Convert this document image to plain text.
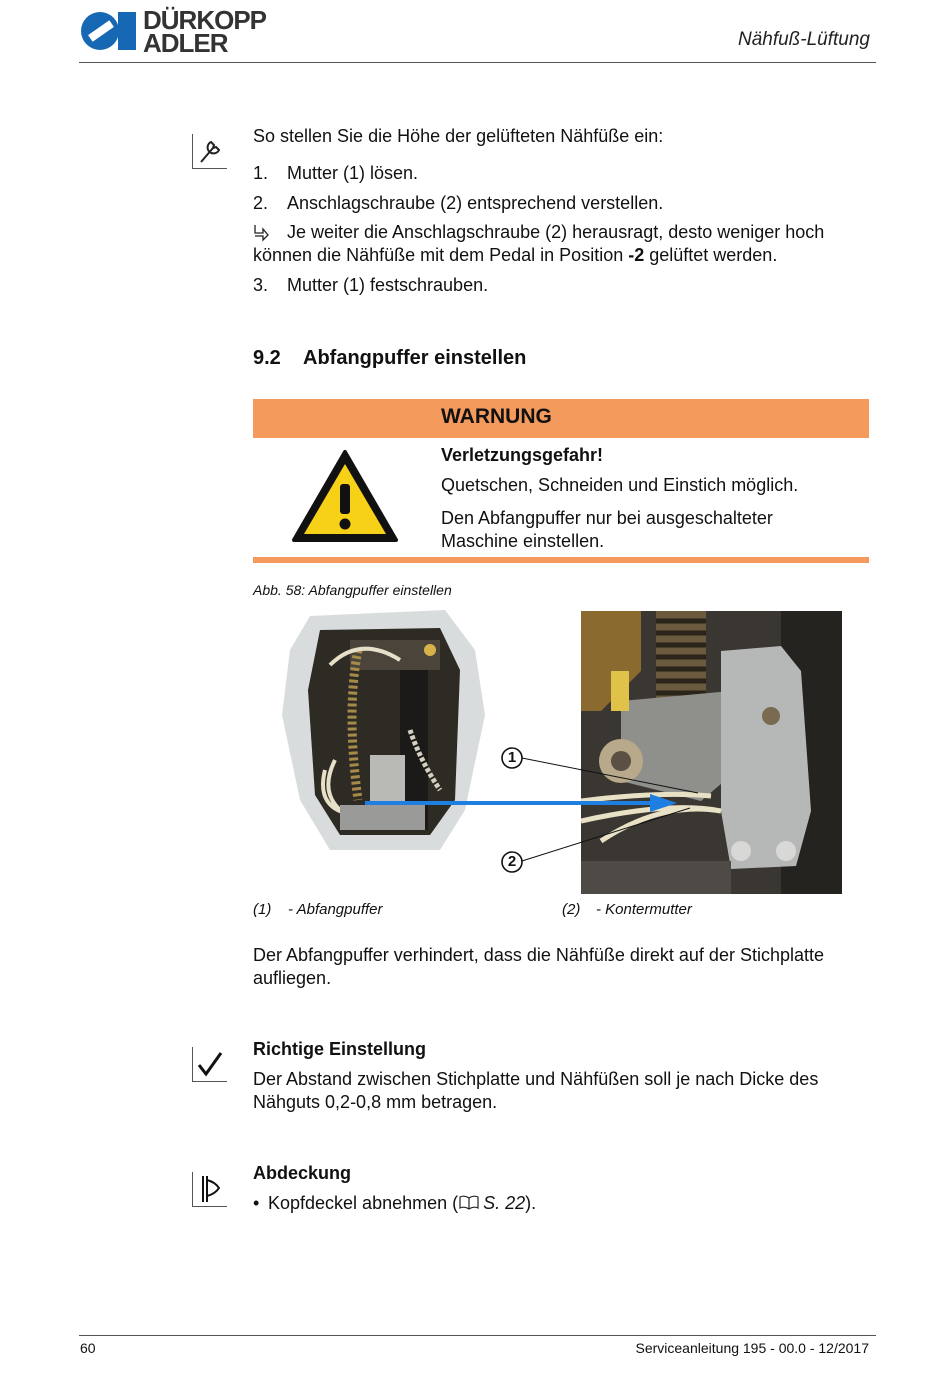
DÜRKOPP
ADLER	Nähfuß-Lüftung
So stellen Sie die Höhe der gelüfteten Nähfüße ein:
1. Mutter (1) lösen.
2. Anschlagschraube (2) entsprechend verstellen.
Je weiter die Anschlagschraube (2) herausragt, desto weniger hoch
können die Nähfüße mit dem Pedal in Position -2 gelüftet werden.
3. Mutter (1) festschrauben.
9.2 Abfangpuffer einstellen
WARNUNG
Verletzungsgefahr!
Quetschen, Schneiden und Einstich möglich.
Den Abfangpuffer nur bei ausgeschalteter
Maschine einstellen.
Abb. 58: Abfangpuffer einstellen
1
2
(1) - Abfangpuffer	(2) - Kontermutter
Der Abfangpuffer verhindert, dass die Nähfüße direkt auf der Stichplatte
aufliegen.
Richtige Einstellung
Der Abstand zwischen Stichplatte und Nähfüßen soll je nach Dicke des
Nähguts 0,2-0,8 mm betragen.
Abdeckung
• Kopfdeckel abnehmen ( S. 22).
60	Serviceanleitung 195 - 00.0 - 12/2017
